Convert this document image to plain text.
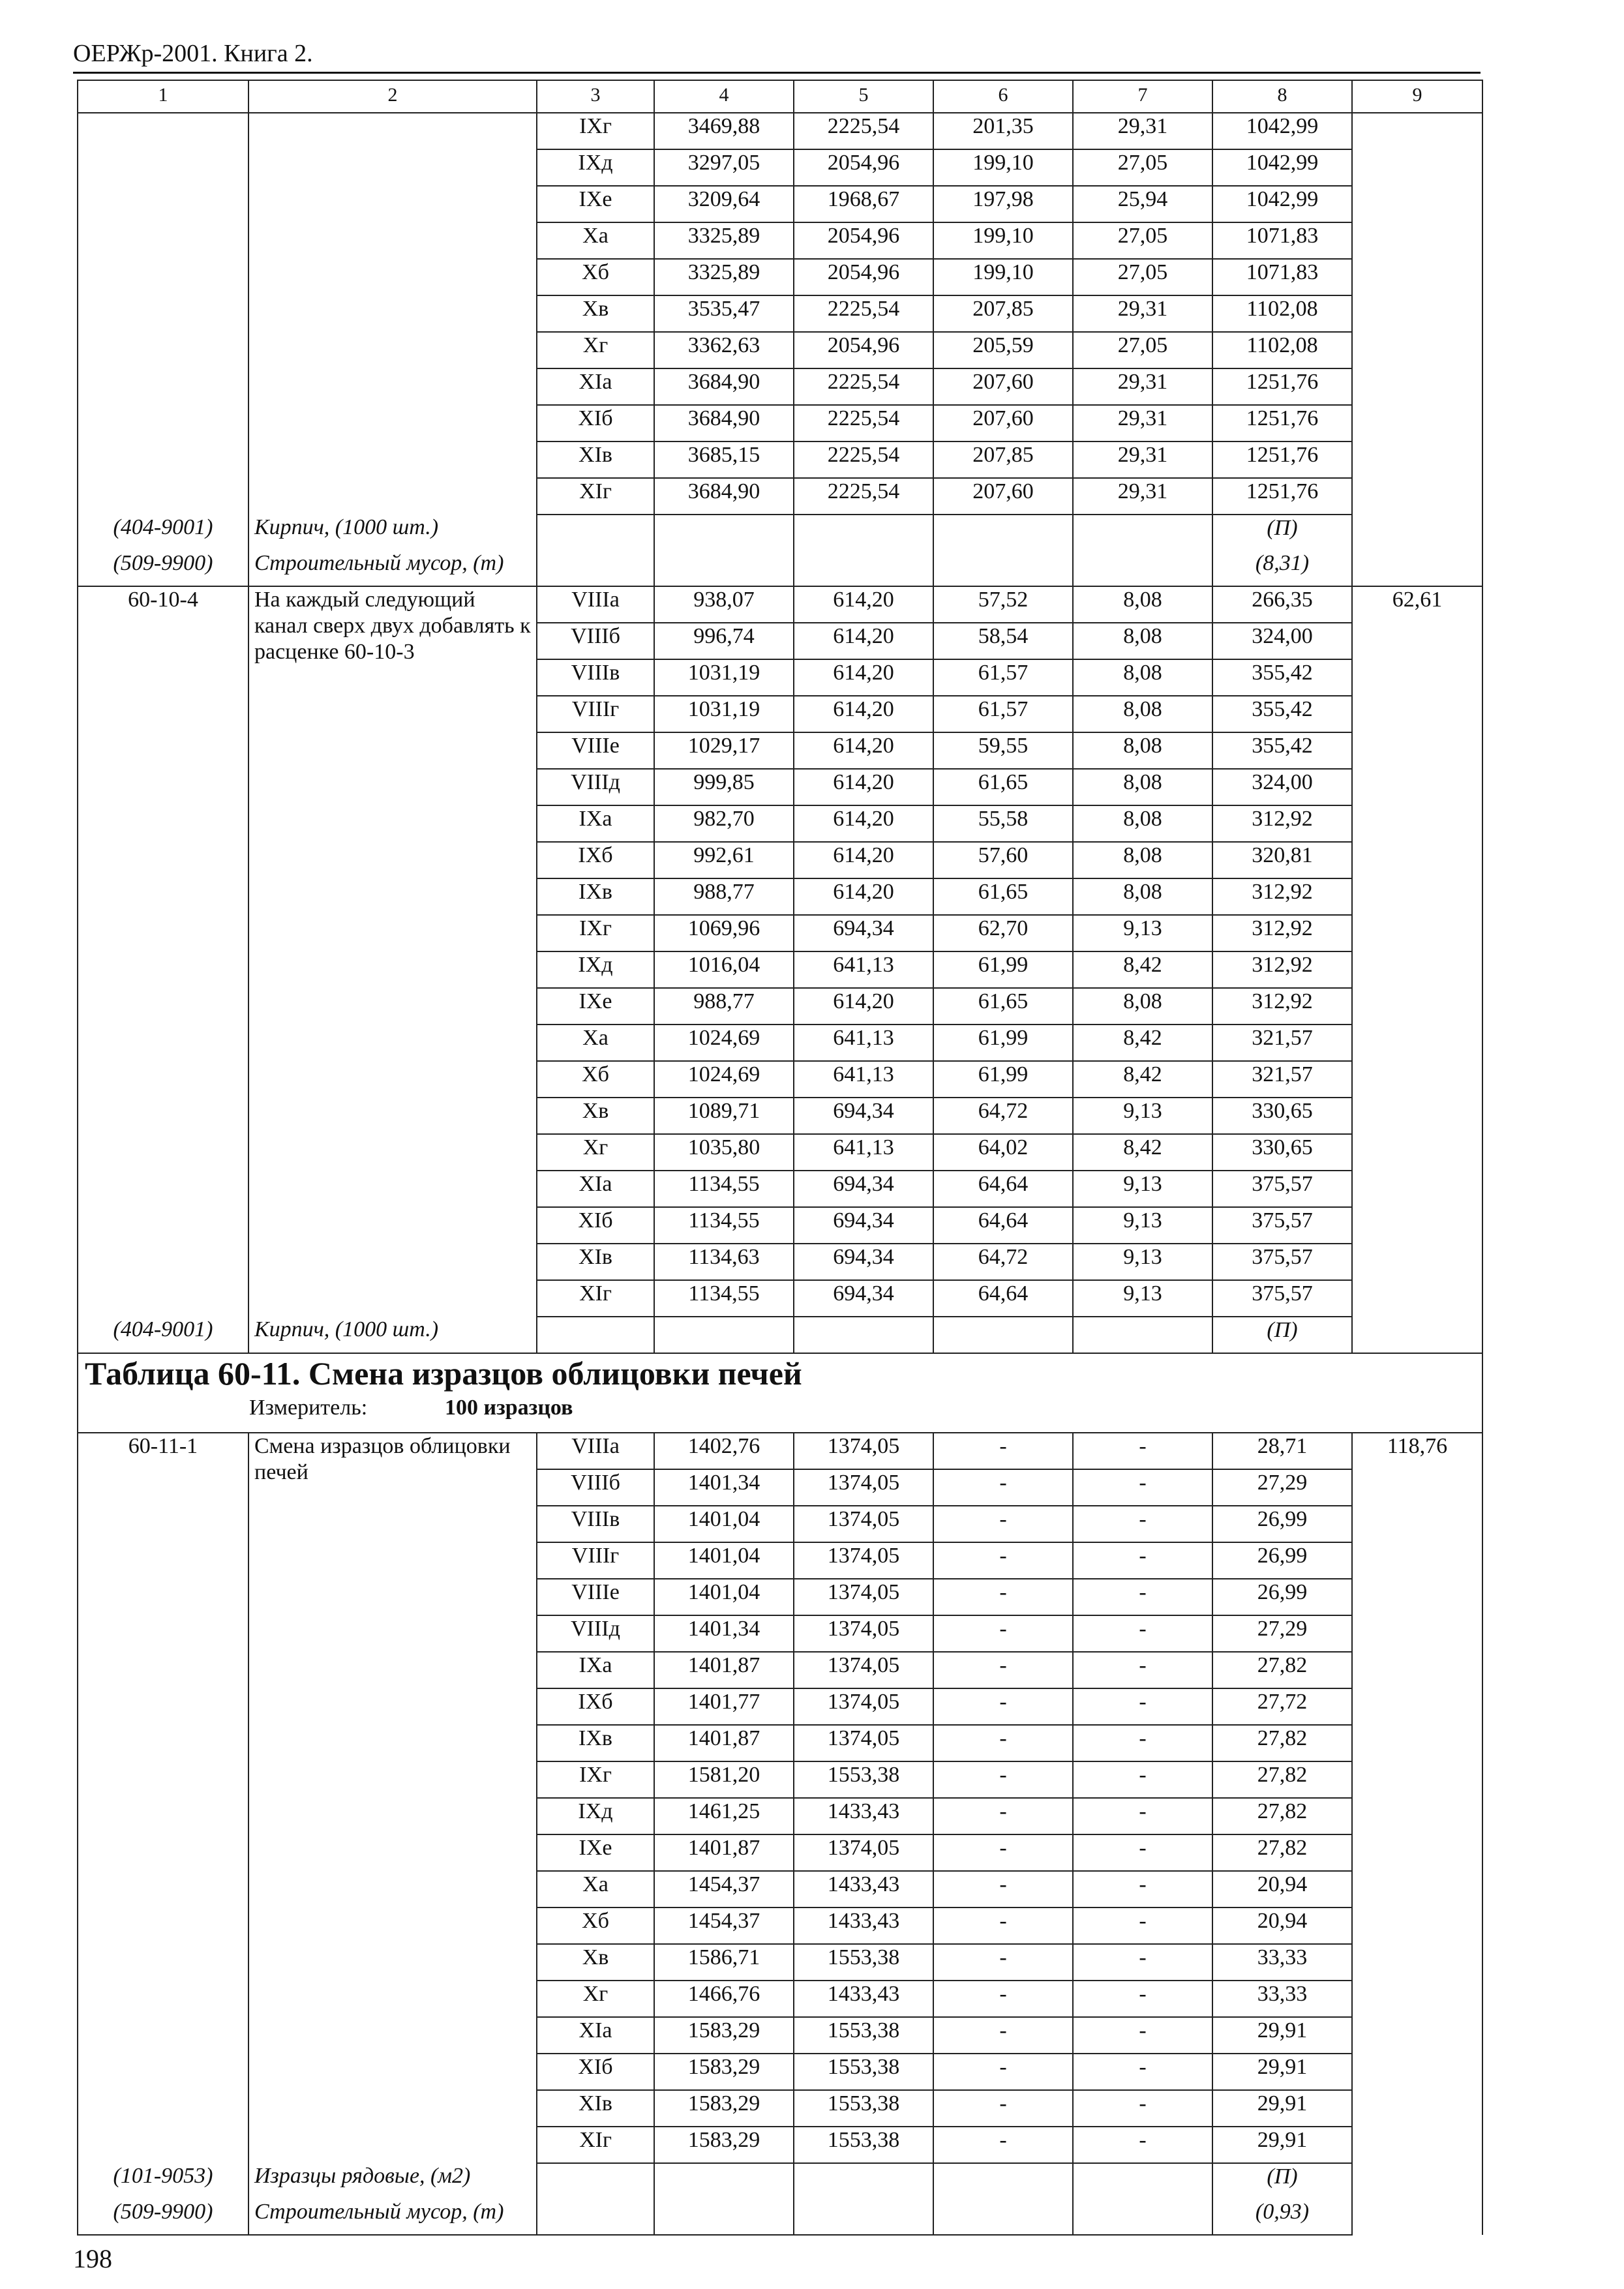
ОЕРЖр-2001. Книга 2.
1	2	3	4	5	6	7	8	9
		IXг	3469,88	2225,54	201,35	29,31	1042,99	
		IXд	3297,05	2054,96	199,10	27,05	1042,99	
		IXе	3209,64	1968,67	197,98	25,94	1042,99	
		Xа	3325,89	2054,96	199,10	27,05	1071,83	
		Xб	3325,89	2054,96	199,10	27,05	1071,83	
		Xв	3535,47	2225,54	207,85	29,31	1102,08	
		Xг	3362,63	2054,96	205,59	27,05	1102,08	
		XIа	3684,90	2225,54	207,60	29,31	1251,76	
		XIб	3684,90	2225,54	207,60	29,31	1251,76	
		XIв	3685,15	2225,54	207,85	29,31	1251,76	
		XIг	3684,90	2225,54	207,60	29,31	1251,76	
(404-9001)	Кирпич, (1000 шт.)						(П)	
(509-9900)	Строительный мусор, (т)						(8,31)	
60-10-4	На каждый следующий канал сверх двух добавлять к расценке 60-10-3	VIIIа	938,07	614,20	57,52	8,08	266,35	62,61
		VIIIб	996,74	614,20	58,54	8,08	324,00	
		VIIIв	1031,19	614,20	61,57	8,08	355,42	
		VIIIг	1031,19	614,20	61,57	8,08	355,42	
		VIIIе	1029,17	614,20	59,55	8,08	355,42	
		VIIIд	999,85	614,20	61,65	8,08	324,00	
		IXа	982,70	614,20	55,58	8,08	312,92	
		IXб	992,61	614,20	57,60	8,08	320,81	
		IXв	988,77	614,20	61,65	8,08	312,92	
		IXг	1069,96	694,34	62,70	9,13	312,92	
		IXд	1016,04	641,13	61,99	8,42	312,92	
		IXе	988,77	614,20	61,65	8,08	312,92	
		Xа	1024,69	641,13	61,99	8,42	321,57	
		Xб	1024,69	641,13	61,99	8,42	321,57	
		Xв	1089,71	694,34	64,72	9,13	330,65	
		Xг	1035,80	641,13	64,02	8,42	330,65	
		XIа	1134,55	694,34	64,64	9,13	375,57	
		XIб	1134,55	694,34	64,64	9,13	375,57	
		XIв	1134,63	694,34	64,72	9,13	375,57	
		XIг	1134,55	694,34	64,64	9,13	375,57	
(404-9001)	Кирпич, (1000 шт.)						(П)	

Таблица 60-11. Смена изразцов облицовки печей
Измеритель: 100 изразцов								

60-11-1	Смена изразцов облицовки печей	VIIIа	1402,76	1374,05	-	-	28,71	118,76
		VIIIб	1401,34	1374,05	-	-	27,29	
		VIIIв	1401,04	1374,05	-	-	26,99	
		VIIIг	1401,04	1374,05	-	-	26,99	
		VIIIе	1401,04	1374,05	-	-	26,99	
		VIIIд	1401,34	1374,05	-	-	27,29	
		IXа	1401,87	1374,05	-	-	27,82	
		IXб	1401,77	1374,05	-	-	27,72	
		IXв	1401,87	1374,05	-	-	27,82	
		IXг	1581,20	1553,38	-	-	27,82	
		IXд	1461,25	1433,43	-	-	27,82	
		IXе	1401,87	1374,05	-	-	27,82	
		Xа	1454,37	1433,43	-	-	20,94	
		Xб	1454,37	1433,43	-	-	20,94	
		Xв	1586,71	1553,38	-	-	33,33	
		Xг	1466,76	1433,43	-	-	33,33	
		XIа	1583,29	1553,38	-	-	29,91	
		XIб	1583,29	1553,38	-	-	29,91	
		XIв	1583,29	1553,38	-	-	29,91	
		XIг	1583,29	1553,38	-	-	29,91	
(101-9053)	Изразцы рядовые, (м2)						(П)	
(509-9900)	Строительный мусор, (т)						(0,93)	
198
